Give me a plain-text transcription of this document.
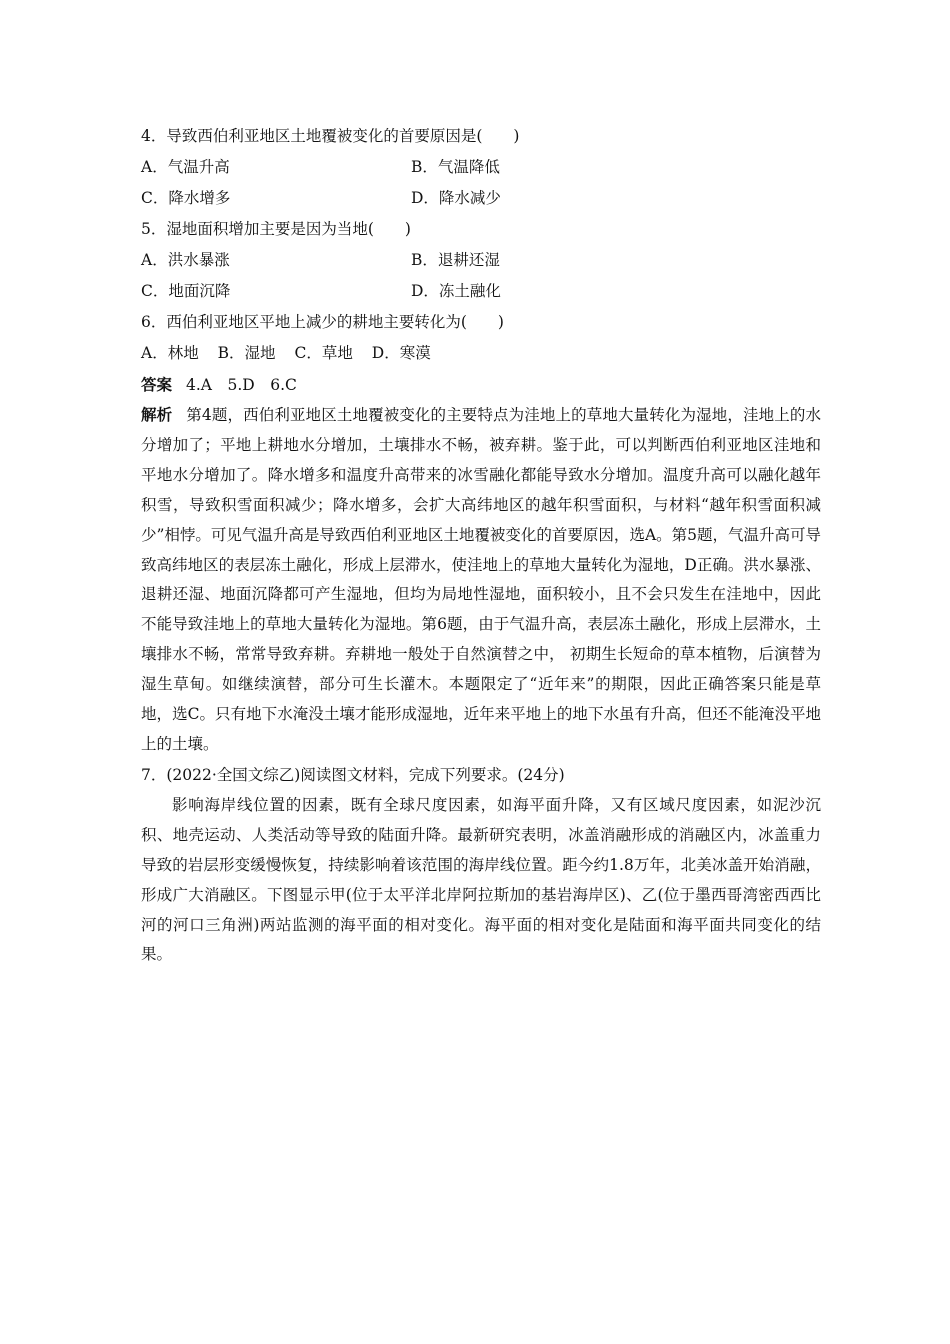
4．导致西伯利亚地区土地覆被变化的首要原因是(　　)
A．气温升高	B．气温降低
C．降水增多	D．降水减少
5．湿地面积增加主要是因为当地(　　)
A．洪水暴涨	B．退耕还湿
C．地面沉降	D．冻土融化
6．西伯利亚地区平地上减少的耕地主要转化为(　　)
A．林地 B．湿地 C．草地 D．寒漠
答案 4.A　5.D　6.C

解析 第4题，西伯利亚地区土地覆被变化的主要特点为洼地上的草地大量转化为湿地，洼地上的水分增加了；平地上耕地水分增加，土壤排水不畅，被弃耕。鉴于此，可以判断西伯利亚地区洼地和平地水分增加了。降水增多和温度升高带来的冰雪融化都能导致水分增加。温度升高可以融化越年积雪，导致积雪面积减少；降水增多，会扩大高纬地区的越年积雪面积，与材料“越年积雪面积减少”相悖。可见气温升高是导致西伯利亚地区土地覆被变化的首要原因，选A。第5题，气温升高可导致高纬地区的表层冻土融化，形成上层滞水，使洼地上的草地大量转化为湿地，D正确。洪水暴涨、退耕还湿、地面沉降都可产生湿地，但均为局地性湿地，面积较小，且不会只发生在洼地中，因此不能导致洼地上的草地大量转化为湿地。第6题，由于气温升高，表层冻土融化，形成上层滞水，土壤排水不畅，常常导致弃耕。弃耕地一般处于自然演替之中， 初期生长短命的草本植物，后演替为湿生草甸。如继续演替，部分可生长灌木。本题限定了“近年来”的期限，因此正确答案只能是草地，选C。只有地下水淹没土壤才能形成湿地，近年来平地上的地下水虽有升高，但还不能淹没平地上的土壤。

7．(2022·全国文综乙)阅读图文材料，完成下列要求。(24分)

影响海岸线位置的因素，既有全球尺度因素，如海平面升降，又有区域尺度因素，如泥沙沉积、地壳运动、人类活动等导致的陆面升降。最新研究表明，冰盖消融形成的消融区内，冰盖重力导致的岩层形变缓慢恢复，持续影响着该范围的海岸线位置。距今约1.8万年，北美冰盖开始消融，形成广大消融区。下图显示甲(位于太平洋北岸阿拉斯加的基岩海岸区)、乙(位于墨西哥湾密西西比河的河口三角洲)两站监测的海平面的相对变化。海平面的相对变化是陆面和海平面共同变化的结果。
